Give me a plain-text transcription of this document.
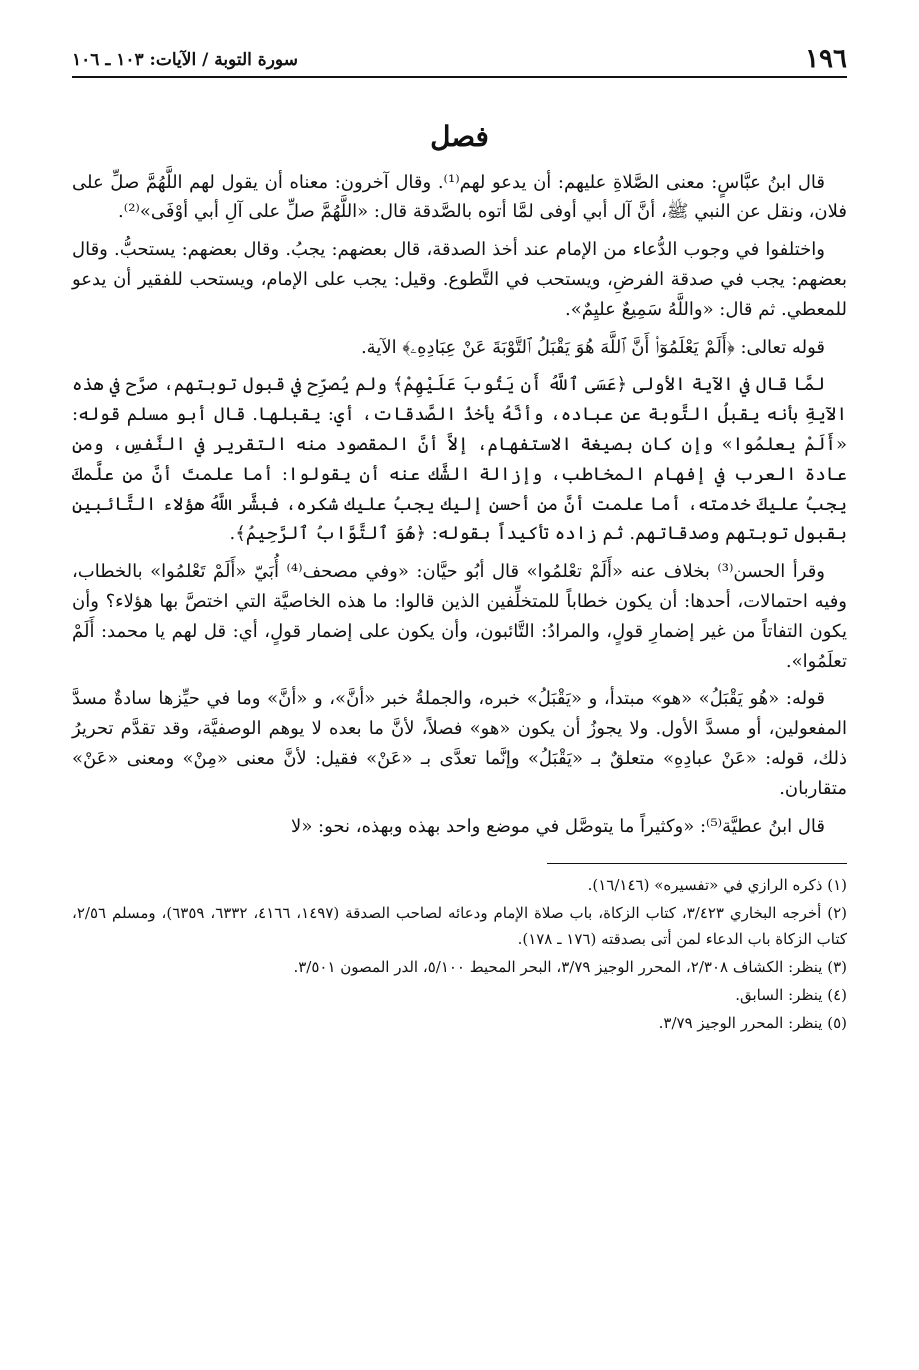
١٩٦
سورة التوبة / الآيات: ١٠٣ ـ ١٠٦
فصل

قال ابنُ عبَّاسٍ: معنى الصَّلاةِ عليهم: أن يدعو لهم⁽¹⁾. وقال آخرون: معناه أن يقول لهم اللَّهُمَّ صلِّ على فلان، ونقل عن النبي ﷺ، أنَّ آل أبي أوفى لمَّا أتوه بالصَّدقة قال: «اللَّهُمَّ صلِّ على آلِ أبي أوْفَى»⁽²⁾.

واختلفوا في وجوب الدُّعاء من الإمام عند أخذ الصدقة، قال بعضهم: يجبُ. وقال بعضهم: يستحبُّ. وقال بعضهم: يجب في صدقة الفرضِ، ويستحب في التَّطوع. وقيل: يجب على الإمام، ويستحب للفقير أن يدعو للمعطي. ثم قال: «واللَّهُ سَمِيعٌ عليِمٌ».

قوله تعالى: ﴿أَلَمْ يَعْلَمُوٓا۟ أَنَّ ٱللَّهَ هُوَ يَقْبَلُ ٱلتَّوْبَةَ عَنْ عِبَادِهِۦ﴾ الآية.

لمَّا قال في الآية الأولى ﴿عَسَى ٱللَّهُ أَن يَتُوبَ عَلَيْهِمْ﴾ ولم يُصرِّح في قبول توبتهم، صرَّح في هذه الآيةِ بأنه يقبلُ التَّوبة عن عباده، وأنَّهُ يأخذُ الصَّدقات، أي: يقبلها. قال أبو مسلم قوله: «أَلَمْ يعلمُوا» وإن كان بصيغة الاستفهام، إلاَّ أنَّ المقصود منه التقرير في النَّفسِ، ومن عادة العرب في إفهام المخاطب، وإزالة الشَّك عنه أن يقولوا: أما علمتَ أنَّ من علَّمكَ يجبُ عليكَ خدمته، أما علمت أنَّ من أحسن إليك يجبُ عليك شكره، فبشَّر اللَّهُ هؤلاء التَّائبين بقبول توبتهم وصدقاتهم. ثم زاده تأكيداً بقوله: ﴿هُوَ ٱلتَّوَّابُ ٱلرَّحِيمُ﴾.

وقرأ الحسن⁽³⁾ بخلاف عنه «أَلَمْ تعْلمُوا» قال أبُو حيَّان: «وفي مصحف⁽⁴⁾ أُبَيّ «أَلَمْ تَعْلمُوا» بالخطاب، وفيه احتمالات، أحدها: أن يكون خطاباً للمتخلِّفين الذين قالوا: ما هذه الخاصيَّة التي اختصَّ بها هؤلاء؟ وأن يكون التفاتاً من غير إضمارِ قولٍ، والمرادُ: التَّائبون، وأن يكون على إضمار قولٍ، أي: قل لهم يا محمد: أَلَمْ تعلَمُوا».

قوله: «هُو يَقْبَلُ» «هو» مبتدأ، و «يَقْبَلُ» خبره، والجملةُ خبر «أنَّ»، و «أنَّ» وما في حيِّزها سادةٌ مسدَّ المفعولين، أو مسدَّ الأول. ولا يجوزُ أن يكون «هو» فصلاً، لأنَّ ما بعده لا يوهم الوصفيَّة، وقد تقدَّم تحريرُ ذلك، قوله: «عَنْ عبادِهِ» متعلقٌ بـ «يَقْبَلُ» وإنَّما تعدَّى بـ «عَنْ» فقيل: لأنَّ معنى «مِنْ» ومعنى «عَنْ» متقاربان.

قال ابنُ عطيَّة⁽⁵⁾: «وكثيراً ما يتوصَّل في موضع واحد بهذه وبهذه، نحو: «لا

(١) ذكره الرازي في «تفسيره» (١٦/١٤٦).

(٢) أخرجه البخاري ٣/٤٢٣، كتاب الزكاة، باب صلاة الإمام ودعائه لصاحب الصدقة (١٤٩٧، ٤١٦٦، ٦٣٣٢، ٦٣٥٩)، ومسلم ٢/٥٦، كتاب الزكاة باب الدعاء لمن أتى بصدقته (١٧٦ ـ ١٧٨).

(٣) ينظر: الكشاف ٢/٣٠٨، المحرر الوجيز ٣/٧٩، البحر المحيط ٥/١٠٠، الدر المصون ٣/٥٠١.

(٤) ينظر: السابق.

(٥) ينظر: المحرر الوجيز ٣/٧٩.
